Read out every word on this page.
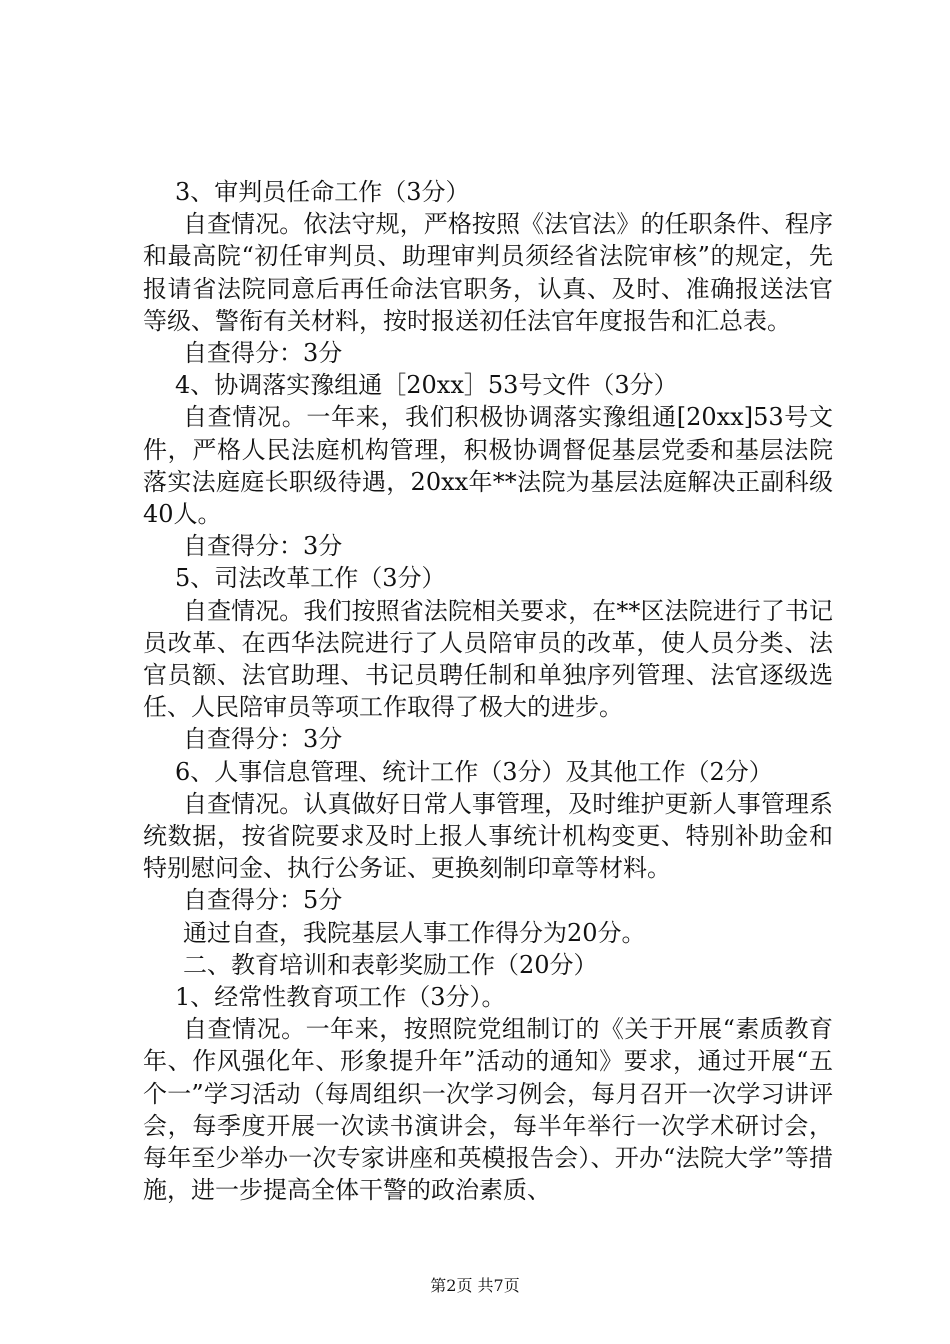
3、审判员任命工作（3分）

自查情况。依法守规，严格按照《法官法》的任职条件、程序和最高院“初任审判员、助理审判员须经省法院审核”的规定，先报请省法院同意后再任命法官职务，认真、及时、准确报送法官等级、警衔有关材料，按时报送初任法官年度报告和汇总表。

自查得分：3分

4、协调落实豫组通［20xx］53号文件（3分）

自查情况。一年来，我们积极协调落实豫组通[20xx]53号文件，严格人民法庭机构管理，积极协调督促基层党委和基层法院落实法庭庭长职级待遇，20xx年**法院为基层法庭解决正副科级40人。

自查得分：3分

5、司法改革工作（3分）

自查情况。我们按照省法院相关要求，在**区法院进行了书记员改革、在西华法院进行了人员陪审员的改革，使人员分类、法官员额、法官助理、书记员聘任制和单独序列管理、法官逐级选任、人民陪审员等项工作取得了极大的进步。

自查得分：3分

6、人事信息管理、统计工作（3分）及其他工作（2分）

自查情况。认真做好日常人事管理，及时维护更新人事管理系统数据，按省院要求及时上报人事统计机构变更、特别补助金和特别慰问金、执行公务证、更换刻制印章等材料。

自查得分：5分

通过自查，我院基层人事工作得分为20分。

二、教育培训和表彰奖励工作（20分）

1、经常性教育项工作（3分）。

自查情况。一年来，按照院党组制订的《关于开展“素质教育年、作风强化年、形象提升年”活动的通知》要求，通过开展“五个一”学习活动（每周组织一次学习例会，每月召开一次学习讲评会，每季度开展一次读书演讲会，每半年举行一次学术研讨会，每年至少举办一次专家讲座和英模报告会）、开办“法院大学”等措施，进一步提高全体干警的政治素质、

第2页 共7页
